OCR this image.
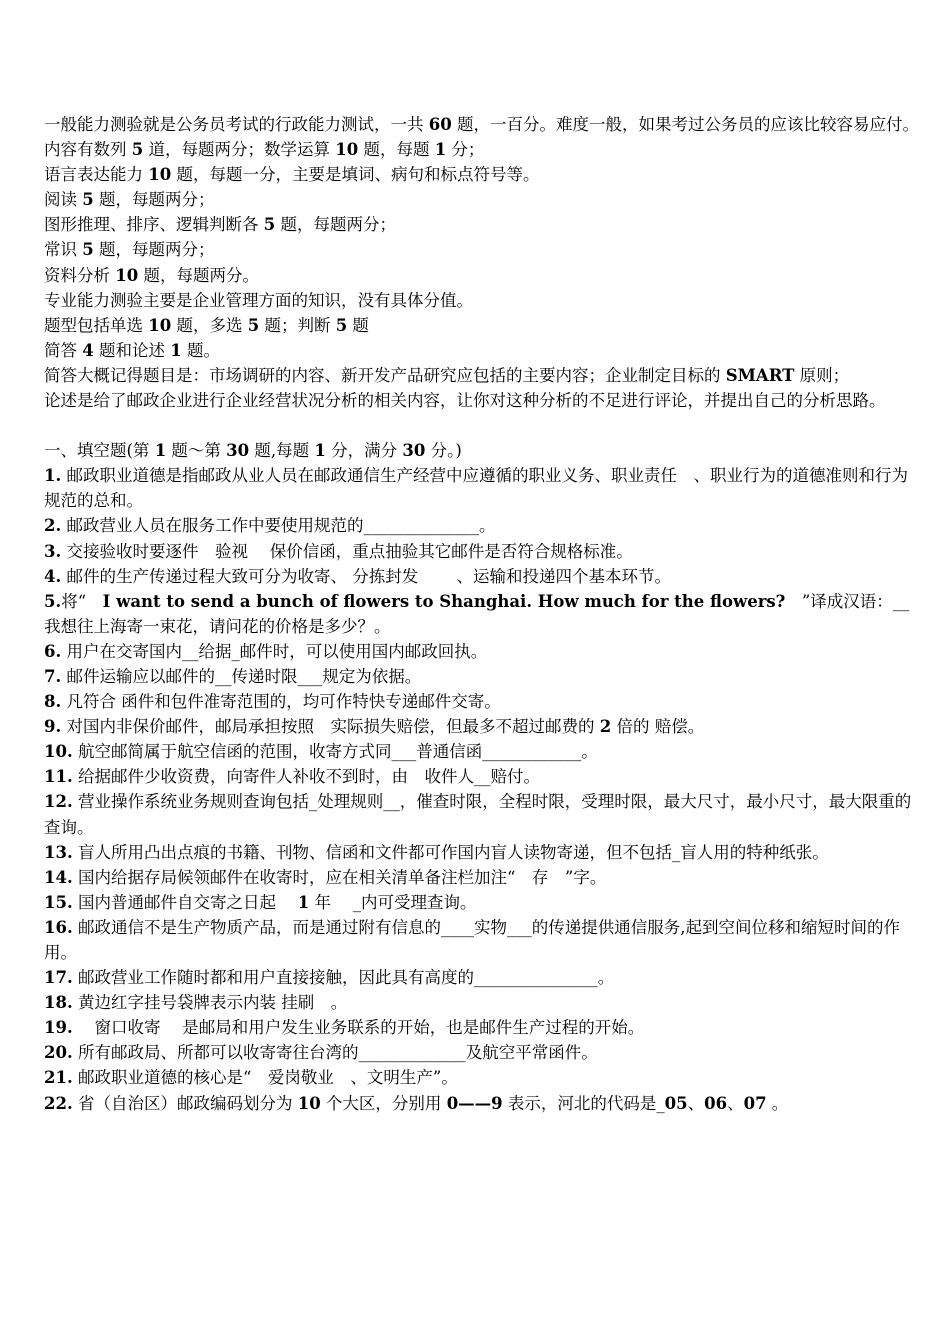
一般能力测验就是公务员考试的行政能力测试，一共 60 题，一百分。难度一般，如果考过公务员的应该比较容易应付。

内容有数列 5 道，每题两分；数学运算 10 题，每题 1 分；

语言表达能力 10 题，每题一分，主要是填词、病句和标点符号等。

阅读 5 题，每题两分；

图形推理、排序、逻辑判断各 5 题，每题两分；

常识 5 题，每题两分；

资料分析 10 题，每题两分。

专业能力测验主要是企业管理方面的知识，没有具体分值。

题型包括单选 10 题，多选 5 题；判断 5 题

简答 4 题和论述 1 题。

简答大概记得题目是：市场调研的内容、新开发产品研究应包括的主要内容；企业制定目标的 SMART 原则；

论述是给了邮政企业进行企业经营状况分析的相关内容，让你对这种分析的不足进行评论，并提出自己的分析思路。

一、填空题(第 1 题～第 30 题,每题 1 分，满分 30 分。)

1. 邮政职业道德是指邮政从业人员在邮政通信生产经营中应遵循的职业义务、职业责任　、职业行为的道德准则和行为规范的总和。

2. 邮政营业人员在服务工作中要使用规范的______________。

3. 交接验收时要逐件　验视　 保价信函，重点抽验其它邮件是否符合规格标准。

4. 邮件的生产传递过程大致可分为收寄、 分拣封发 　　、运输和投递四个基本环节。

5.将“　I want to send a bunch of flowers to Shanghai. How much for the flowers?　”译成汉语：__我想往上海寄一束花，请问花的价格是多少？。

6. 用户在交寄国内__给据_邮件时，可以使用国内邮政回执。

7. 邮件运输应以邮件的__传递时限___规定为依据。

8. 凡符合 函件和包件准寄范围的，均可作特快专递邮件交寄。

9. 对国内非保价邮件，邮局承担按照　实际损失赔偿，但最多不超过邮费的 2 倍的 赔偿。

10. 航空邮简属于航空信函的范围，收寄方式同___普通信函____________。

11. 给据邮件少收资费，向寄件人补收不到时，由　收件人__赔付。

12. 营业操作系统业务规则查询包括_处理规则__，催查时限，全程时限，受理时限，最大尺寸，最小尺寸，最大限重的查询。

13. 盲人所用凸出点痕的书籍、刊物、信函和文件都可作国内盲人读物寄递，但不包括_盲人用的特种纸张。

14. 国内给据存局候领邮件在收寄时，应在相关清单备注栏加注“　存　”字。

15. 国内普通邮件自交寄之日起　 1 年　 _内可受理查询。

16. 邮政通信不是生产物质产品，而是通过附有信息的____实物___的传递提供通信服务,起到空间位移和缩短时间的作用。

17. 邮政营业工作随时都和用户直接接触，因此具有高度的_______________。

18. 黄边红字挂号袋牌表示内装 挂刷　。

19. 　窗口收寄　 是邮局和用户发生业务联系的开始，也是邮件生产过程的开始。

20. 所有邮政局、所都可以收寄寄往台湾的_____________及航空平常函件。

21. 邮政职业道德的核心是“　爱岗敬业　、文明生产”。

22. 省（自治区）邮政编码划分为 10 个大区，分别用 0——9 表示，河北的代码是_05、06、07 。
